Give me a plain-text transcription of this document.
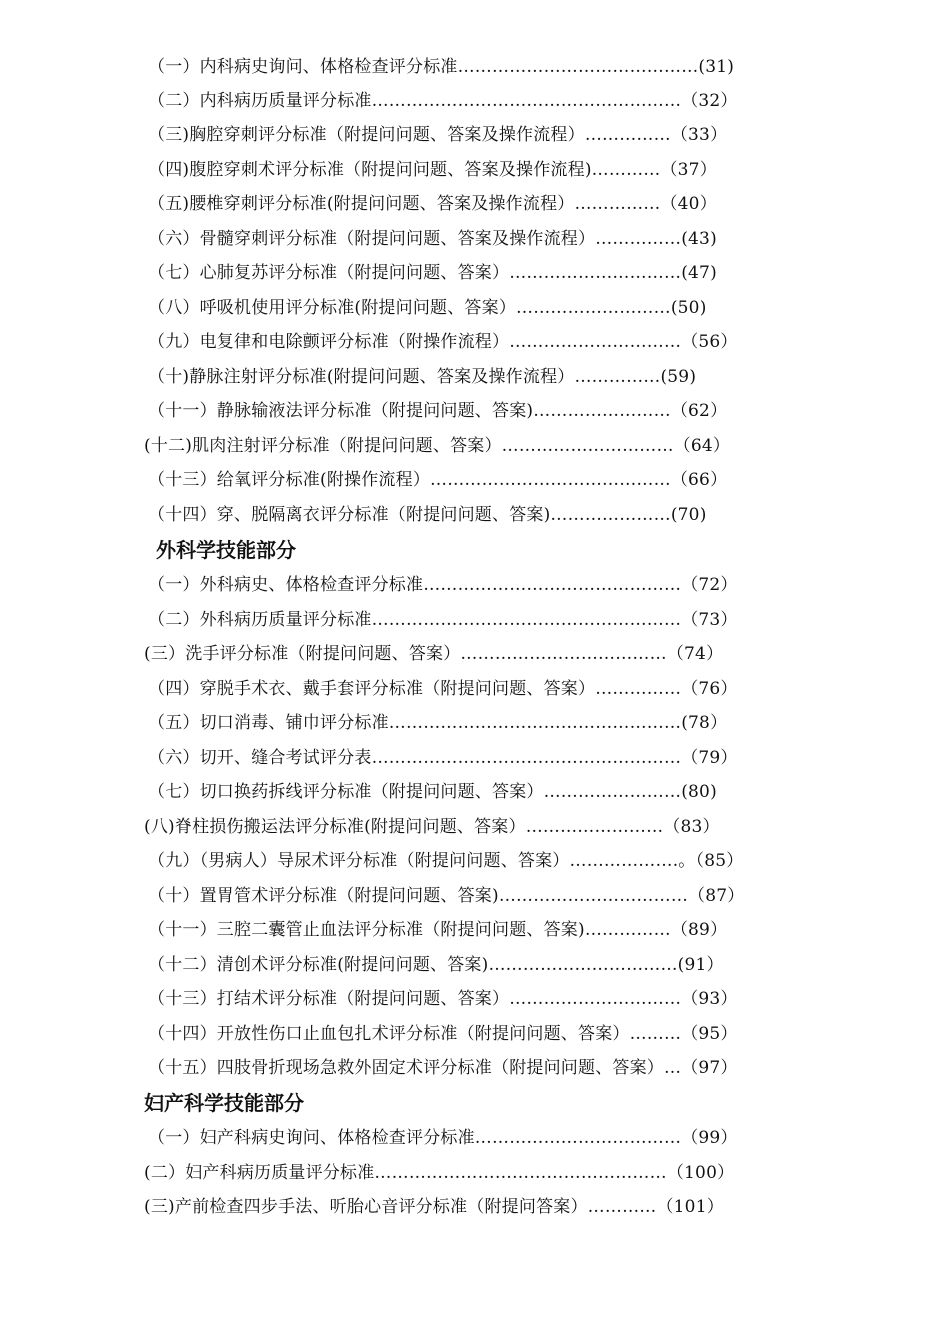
（一）内科病史询问、体格检查评分标准……………………………………(31)
（二）内科病历质量评分标准………………………………………………（32）
（三)胸腔穿刺评分标准（附提问问题、答案及操作流程）……………（33）
（四)腹腔穿刺术评分标准（附提问问题、答案及操作流程)…………（37）
（五)腰椎穿刺评分标准(附提问问题、答案及操作流程）……………（40）
（六）骨髓穿刺评分标准（附提问问题、答案及操作流程）……………(43)
（七）心肺复苏评分标准（附提问问题、答案）…………………………(47)
（八）呼吸机使用评分标准(附提问问题、答案）………………………(50)
（九）电复律和电除颤评分标准（附操作流程）…………………………（56）
（十)静脉注射评分标准(附提问问题、答案及操作流程）……………(59)
（十一）静脉输液法评分标准（附提问问题、答案)……………………（62）
(十二)肌肉注射评分标准（附提问问题、答案）…………………………（64）
（十三）给氧评分标准(附操作流程）……………………………………（66）
（十四）穿、脱隔离衣评分标准（附提问问题、答案)…………………(70)
外科学技能部分
（一）外科病史、体格检查评分标准………………………………………（72）
（二）外科病历质量评分标准………………………………………………（73）
(三）洗手评分标准（附提问问题、答案）………………………………（74）
（四）穿脱手术衣、戴手套评分标准（附提问问题、答案）……………（76）
（五）切口消毒、铺巾评分标准……………………………………………(78）
（六）切开、缝合考试评分表………………………………………………（79）
（七）切口换药拆线评分标准（附提问问题、答案）……………………(80)
(八)脊柱损伤搬运法评分标准(附提问问题、答案）……………………（83）
（九）（男病人）导尿术评分标准（附提问问题、答案）……………….。（85）
（十）置胃管术评分标准（附提问问题、答案)……………………………（87）
（十一）三腔二囊管止血法评分标准（附提问问题、答案)……………（89）
（十二）清创术评分标准(附提问问题、答案)……………………………(91）
（十三）打结术评分标准（附提问问题、答案）…………………………（93）
（十四）开放性伤口止血包扎术评分标准（附提问问题、答案）………（95）
（十五）四肢骨折现场急救外固定术评分标准（附提问问题、答案）…（97）
妇产科学技能部分
（一）妇产科病史询问、体格检查评分标准………………………………（99）
(二）妇产科病历质量评分标准……………………………………………（100）
(三)产前检查四步手法、听胎心音评分标准（附提问答案）…………（101）
